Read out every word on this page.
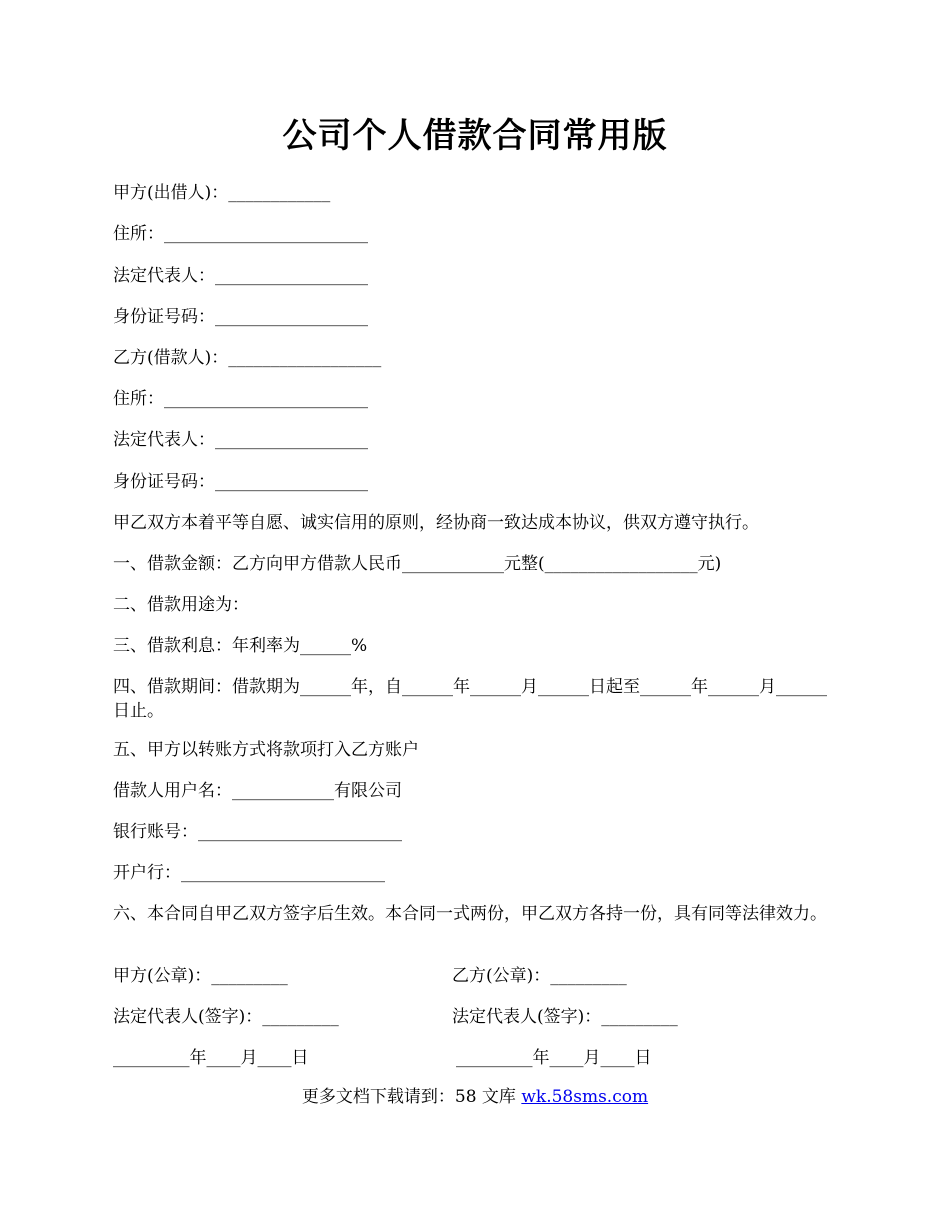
公司个人借款合同常用版
甲方(出借人)：____________
住所：________________________
法定代表人：__________________
身份证号码：__________________
乙方(借款人)：__________________
住所：________________________
法定代表人：__________________
身份证号码：__________________
甲乙双方本着平等自愿、诚实信用的原则，经协商一致达成本协议，供双方遵守执行。
一、借款金额：乙方向甲方借款人民币____________元整(__________________元)
二、借款用途为：
三、借款利息：年利率为______%
四、借款期间：借款期为______年，自______年______月______日起至______年______月______日止。
五、甲方以转账方式将款项打入乙方账户
借款人用户名：____________有限公司
银行账号：________________________
开户行：________________________
六、本合同自甲乙双方签字后生效。本合同一式两份，甲乙双方各持一份，具有同等法律效力。
甲方(公章)：_________	乙方(公章)：_________
法定代表人(签字)：_________	法定代表人(签字)：_________
_________年____月____日	_________年____月____日
更多文档下载请到：58 文库 wk.58sms.com
